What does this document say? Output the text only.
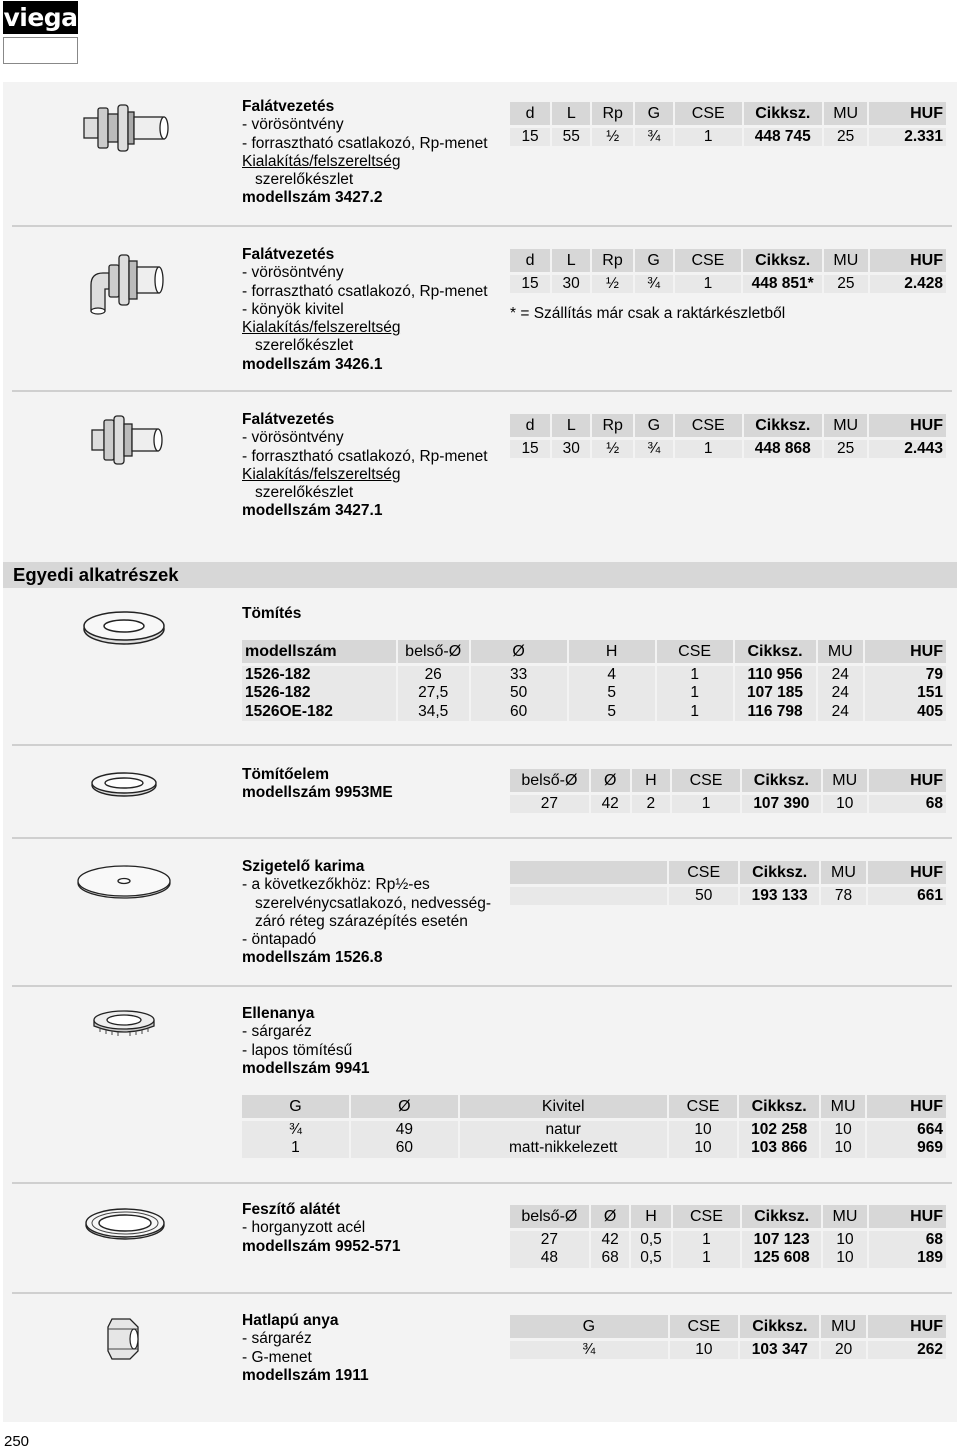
viega
Falátvezetés
- vörösöntvény
- forrasztható csatlakozó, Rp-menet
Kialakítás/felszereltség
szerelőkészlet
modellszám 3427.2
d	L	Rp	G	CSE	Cikksz.	MU	HUF
15	55	½	¾	1	448 745	25	2.331
Falátvezetés
- vörösöntvény
- forrasztható csatlakozó, Rp-menet
- könyök kivitel
Kialakítás/felszereltség
szerelőkészlet
modellszám 3426.1
d	L	Rp	G	CSE	Cikksz.	MU	HUF
15	30	½	¾	1	448 851*	25	2.428
* = Szállítás már csak a raktárkészletből
Falátvezetés
- vörösöntvény
- forrasztható csatlakozó, Rp-menet
Kialakítás/felszereltség
szerelőkészlet
modellszám 3427.1
d	L	Rp	G	CSE	Cikksz.	MU	HUF
15	30	½	¾	1	448 868	25	2.443
Egyedi alkatrészek
Tömítés
modellszám	belső-Ø	Ø	H	CSE	Cikksz.	MU	HUF
1526-182	26	33	4	1	110 956	24	79
1526-182	27,5	50	5	1	107 185	24	151
1526OE-182	34,5	60	5	1	116 798	24	405
Tömítőelem
modellszám 9953ME
belső-Ø	Ø	H	CSE	Cikksz.	MU	HUF
27	42	2	1	107 390	10	68
Szigetelő karima
- a következőkhöz: Rp½-es
szerelvénycsatlakozó, nedvesség-
záró réteg szárazépítés esetén
- öntapadó
modellszám 1526.8
	CSE	Cikksz.	MU	HUF
	50	193 133	78	661
Ellenanya
- sárgaréz
- lapos tömítésű
modellszám 9941
G	Ø	Kivitel	CSE	Cikksz.	MU	HUF
¾	49	natur	10	102 258	10	664
1	60	matt-nikkelezett	10	103 866	10	969
Feszítő alátét
- horganyzott acél
modellszám 9952-571
belső-Ø	Ø	H	CSE	Cikksz.	MU	HUF
27	42	0,5	1	107 123	10	68
48	68	0,5	1	125 608	10	189
Hatlapú anya
- sárgaréz
- G-menet
modellszám 1911
G	CSE	Cikksz.	MU	HUF
¾	10	103 347	20	262
250
